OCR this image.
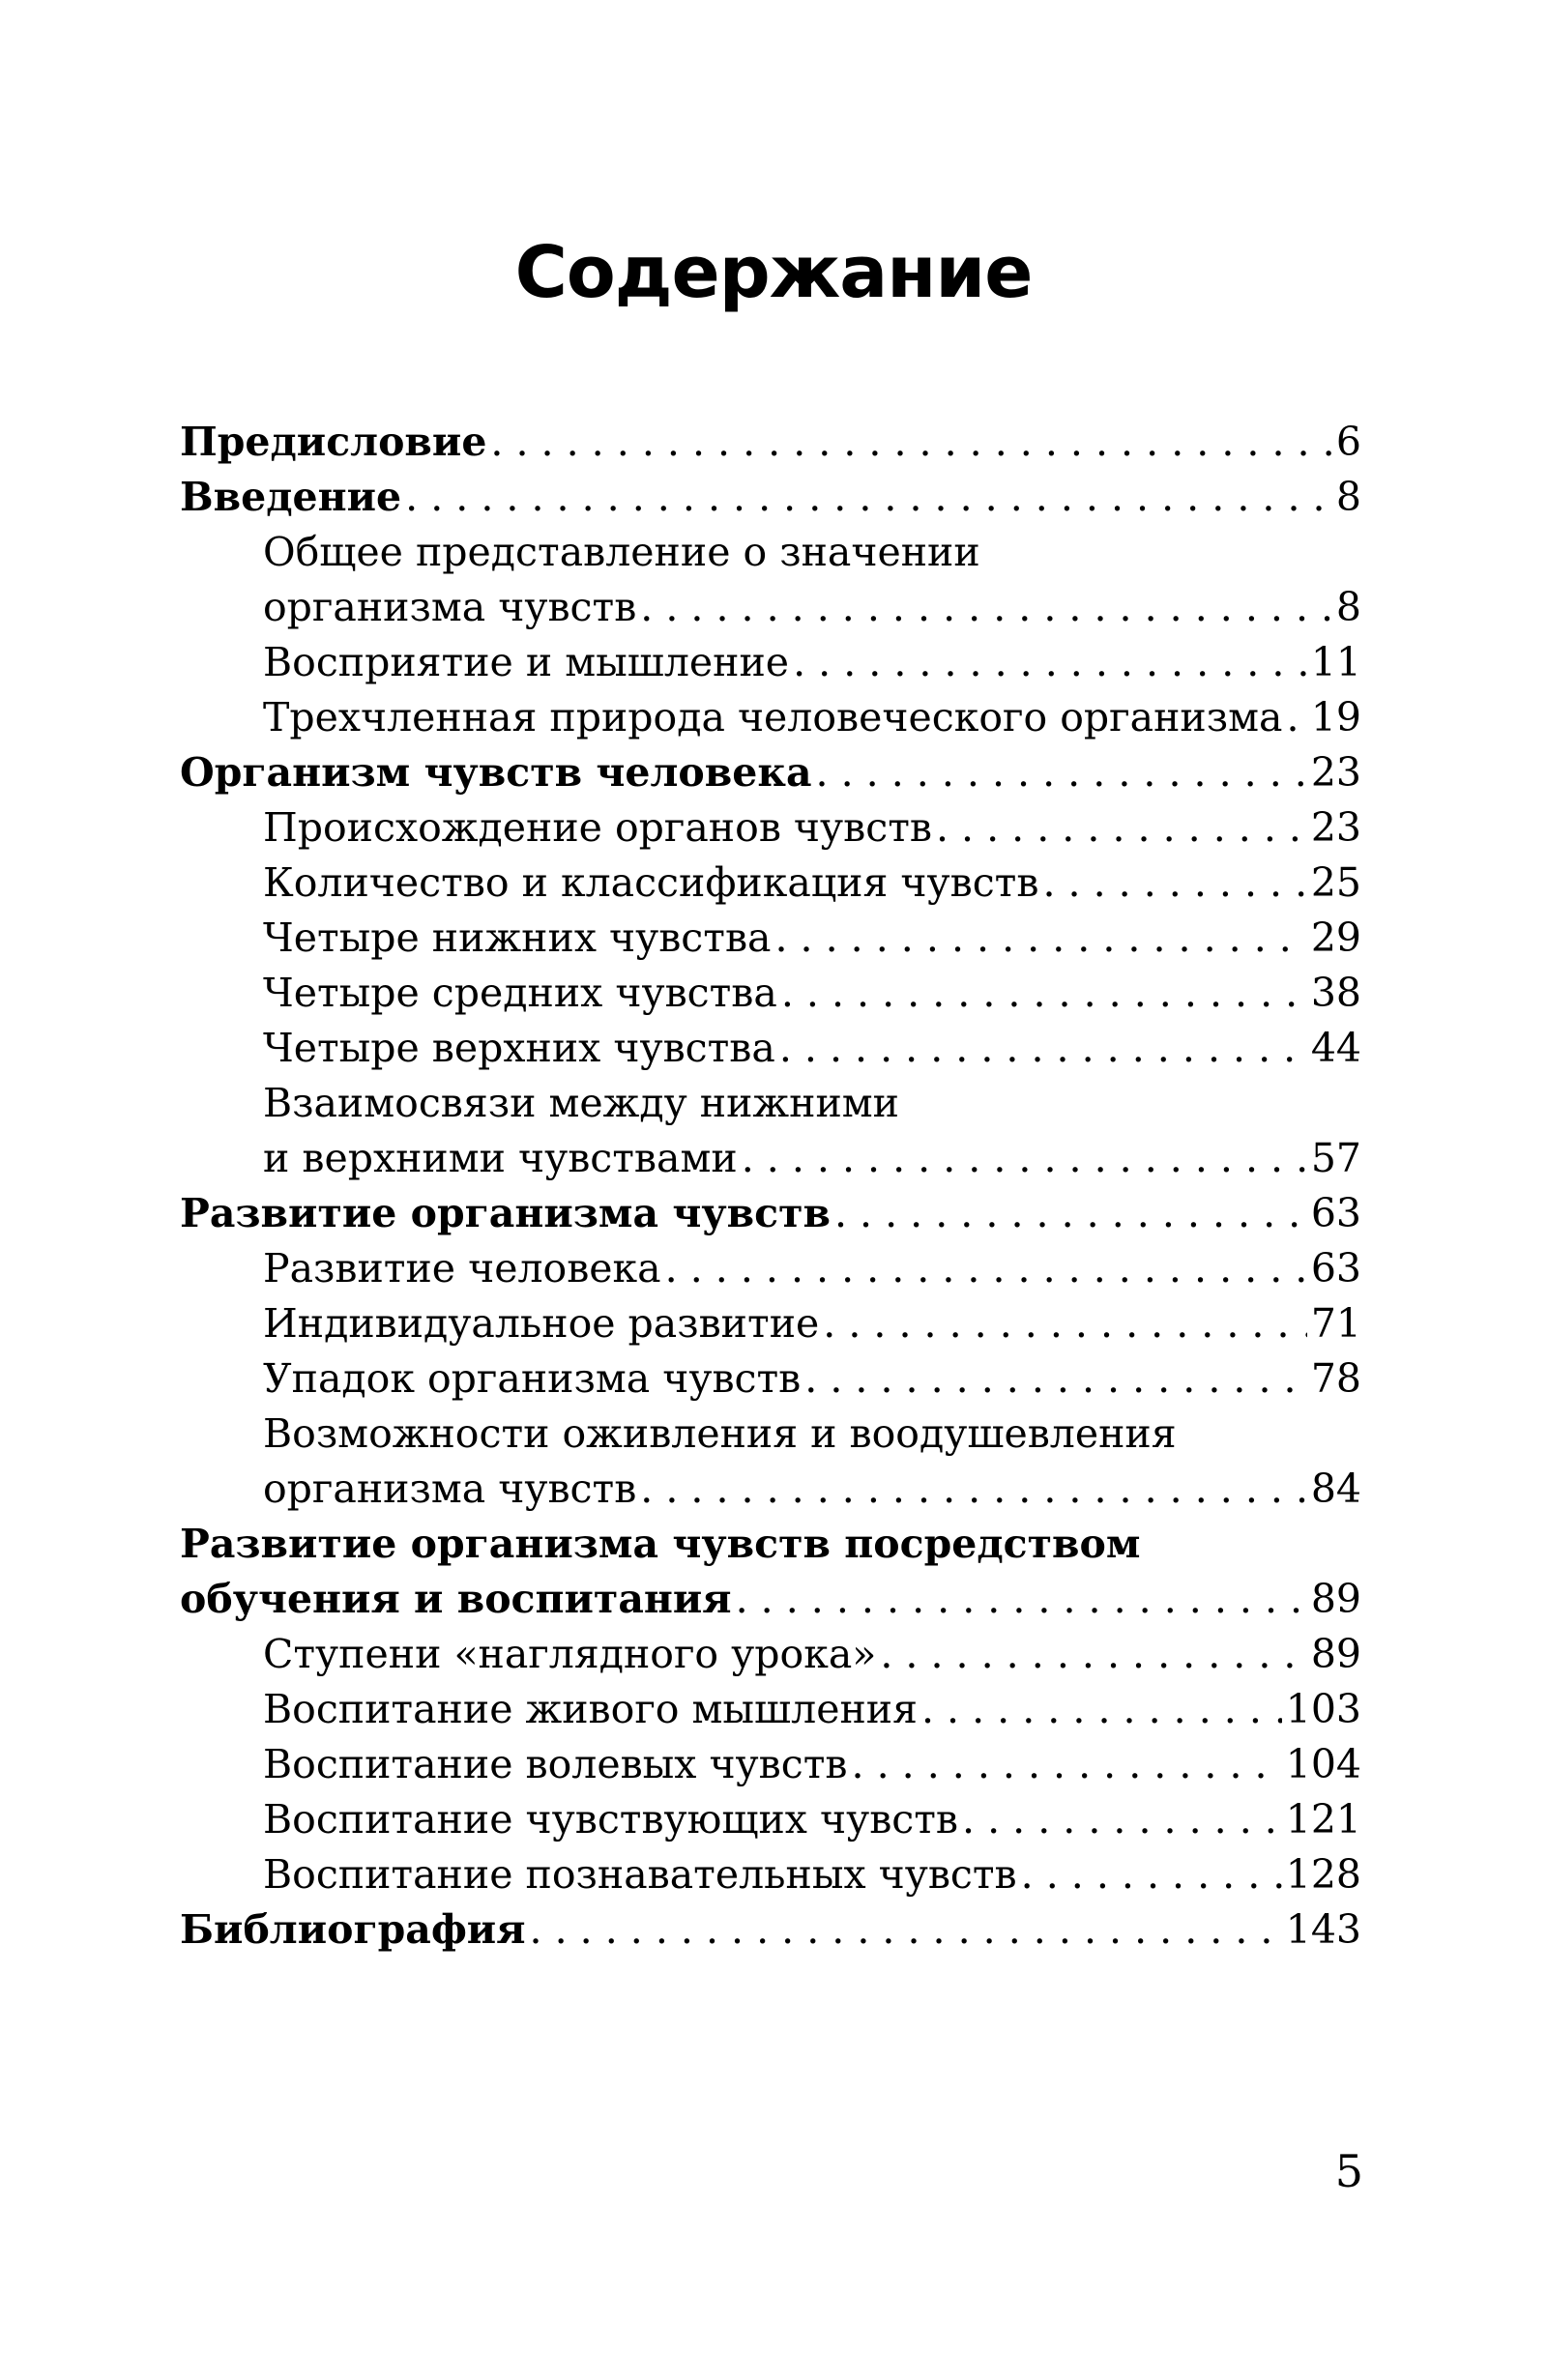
Содержание
Предисловие . . .	6
Введение . . .	8
Общее представление о значении
организма чувств . . .	8
Восприятие и мышление . . .	11
Трехчленная природа человеческого организма . . . 19
Организм чувств человека . . .	23
Происхождение органов чувств . . .	23
Количество и классификация чувств . . .	25
Четыре нижних чувства . . .	29
Четыре средних чувства . . .	38
Четыре верхних чувства . . .	44
Взаимосвязи между нижними
и верхними чувствами . . .	57
Развитие организма чувств . . .	63
Развитие человека . . .	63
Индивидуальное развитие . . .	71
Упадок организма чувств . . .	78
Возможности оживления и воодушевления
организма чувств . . .	84
Развитие организма чувств посредством
обучения и воспитания . . .	89
Ступени «наглядного урока» . . .	89
Воспитание живого мышления . . .	103
Воспитание волевых чувств . . .	104
Воспитание чувствующих чувств . . .	121
Воспитание познавательных чувств . . .	128
Библиография . . .	143
5
